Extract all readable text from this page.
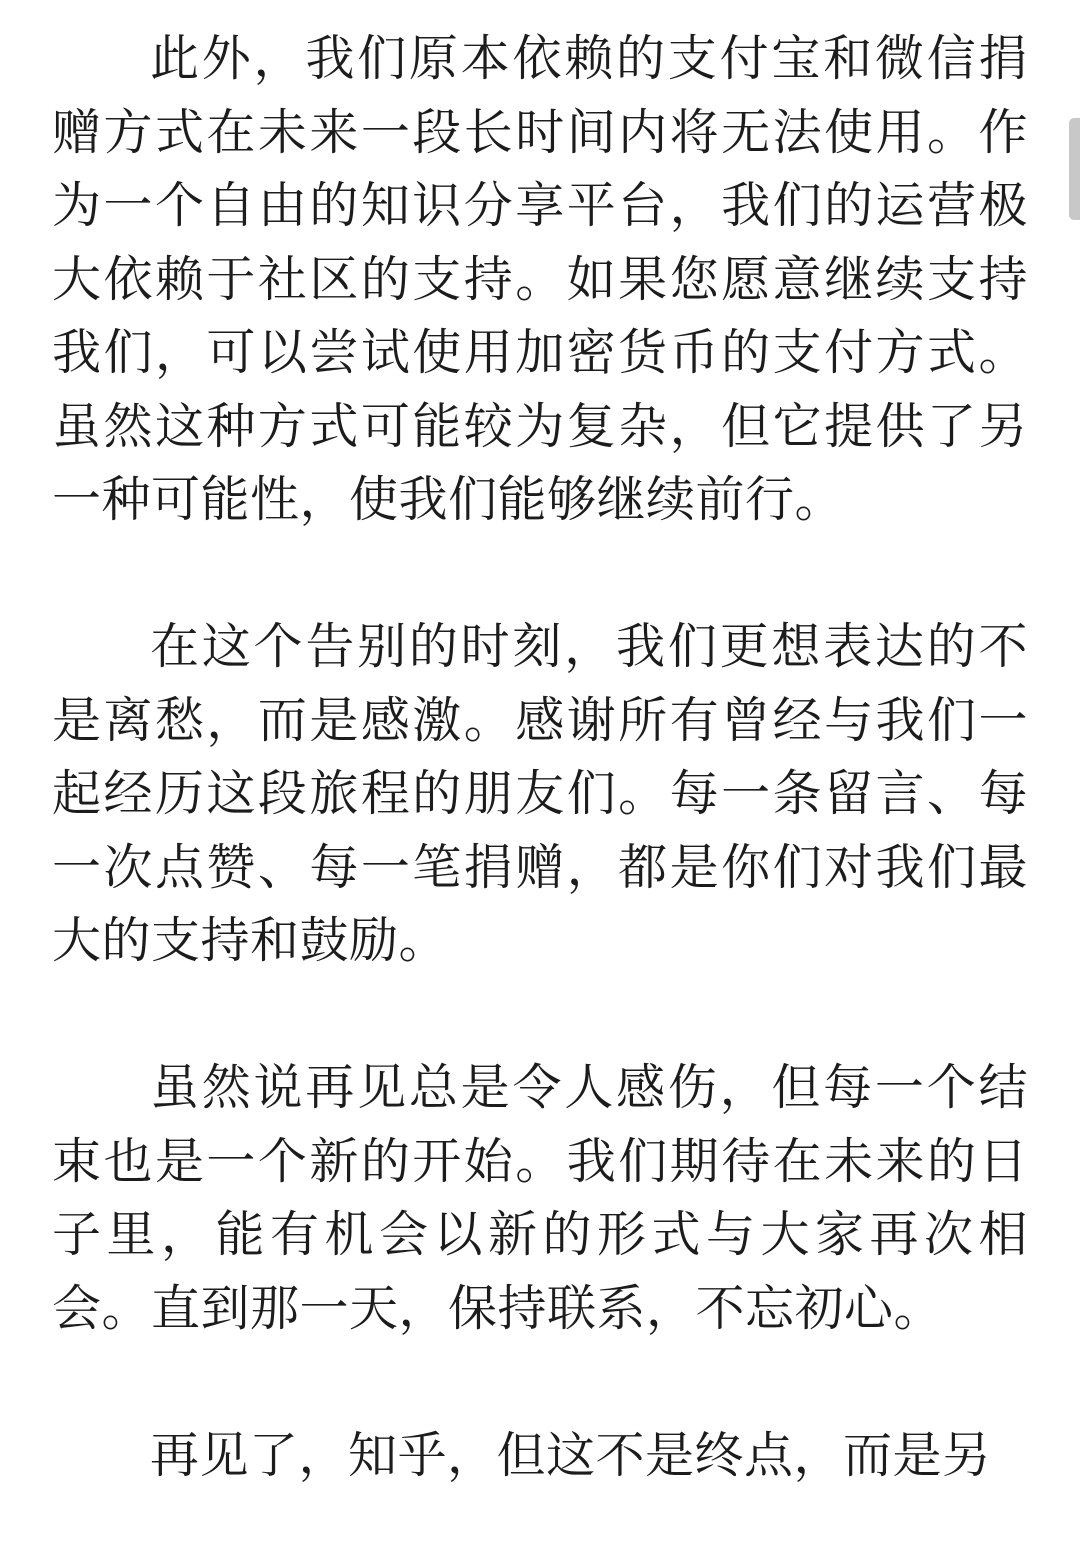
此外，我们原本依赖的支付宝和微信捐赠方式在未来一段长时间内将无法使用。作为一个自由的知识分享平台，我们的运营极大依赖于社区的支持。如果您愿意继续支持我们，可以尝试使用加密货币的支付方式。虽然这种方式可能较为复杂，但它提供了另一种可能性，使我们能够继续前行。

在这个告别的时刻，我们更想表达的不是离愁，而是感激。感谢所有曾经与我们一起经历这段旅程的朋友们。每一条留言、每一次点赞、每一笔捐赠，都是你们对我们最大的支持和鼓励。

虽然说再见总是令人感伤，但每一个结束也是一个新的开始。我们期待在未来的日子里，能有机会以新的形式与大家再次相会。直到那一天，保持联系，不忘初心。

再见了，知乎，但这不是终点，而是另
